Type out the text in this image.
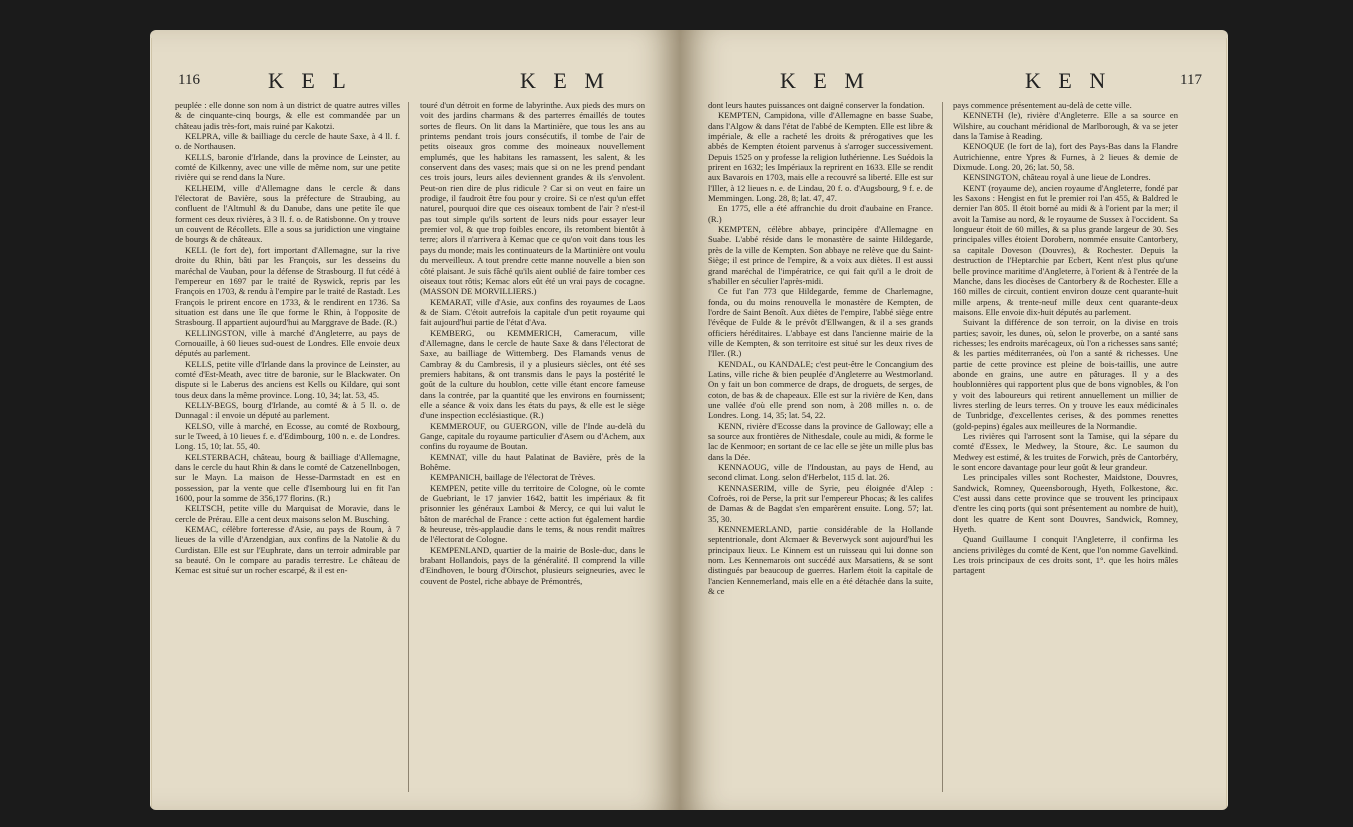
116	K E L	K E M

peuplée : elle donne son nom à un district de quatre autres villes & de cinquante-cinq bourgs, & elle est commandée par un château jadis très-fort, mais ruiné par Kakotzi.

KELPRA, ville & bailliage du cercle de haute Saxe, à 4 ll. f. o. de Northausen.

KELLS, baronie d'Irlande, dans la province de Leinster, au comté de Kilkenny, avec une ville de même nom, sur une petite rivière qui se rend dans la Nure.

KELHEIM, ville d'Allemagne dans le cercle & dans l'électorat de Bavière, sous la préfecture de Straubing, au confluent de l'Altmuhl & du Danube, dans une petite île que forment ces deux rivières, à 3 ll. f. o. de Ratisbonne. On y trouve un couvent de Récollets. Elle a sous sa juridiction une vingtaine de bourgs & de châteaux.

KELL (le fort de), fort important d'Allemagne, sur la rive droite du Rhin, bâti par les François, sur les desseins du maréchal de Vauban, pour la défense de Strasbourg. Il fut cédé à l'empereur en 1697 par le traité de Ryswick, repris par les François en 1703, & rendu à l'empire par le traité de Rastadt. Les François le prirent encore en 1733, & le rendirent en 1736. Sa situation est dans une île que forme le Rhin, à l'opposite de Strasbourg. Il appartient aujourd'hui au Marggrave de Bade. (R.)

KELLINGSTON, ville à marché d'Angleterre, au pays de Cornouaille, à 60 lieues sud-ouest de Londres. Elle envoie deux députés au parlement.

KELLS, petite ville d'Irlande dans la province de Leinster, au comté d'Est-Meath, avec titre de baronie, sur le Blackwater. On dispute si le Laberus des anciens est Kells ou Kildare, qui sont tous deux dans la même province. Long. 10, 34; lat. 53, 45.

KELLY-BEGS, bourg d'Irlande, au comté & à 5 ll. o. de Dunnagal : il envoie un député au parlement.

KELSO, ville à marché, en Ecosse, au comté de Roxbourg, sur le Tweed, à 10 lieues f. e. d'Edimbourg, 100 n. e. de Londres. Long. 15, 10; lat. 55, 40.

KELSTERBACH, château, bourg & bailliage d'Allemagne, dans le cercle du haut Rhin & dans le comté de Catzenellnbogen, sur le Mayn. La maison de Hesse-Darmstadt en est en possession, par la vente que celle d'Isembourg lui en fit l'an 1600, pour la somme de 356,177 florins. (R.)

KELTSCH, petite ville du Marquisat de Moravie, dans le cercle de Prérau. Elle a cent deux maisons selon M. Busching.

KEMAC, célèbre forteresse d'Asie, au pays de Roum, à 7 lieues de la ville d'Arzendgian, aux confins de la Natolie & du Curdistan. Elle est sur l'Euphrate, dans un terroir admirable par sa beauté. On le compare au paradis terrestre. Le château de Kemac est situé sur un rocher escarpé, & il est en-

touré d'un détroit en forme de labyrinthe. Aux pieds des murs on voit des jardins charmans & des parterres émaillés de toutes sortes de fleurs. On lit dans la Martinière, que tous les ans au printems pendant trois jours consécutifs, il tombe de l'air de petits oiseaux gros comme des moineaux nouvellement emplumés, que les habitans les ramassent, les salent, & les conservent dans des vases; mais que si on ne les prend pendant ces trois jours, leurs ailes deviennent grandes & ils s'envolent. Peut-on rien dire de plus ridicule ? Car si on veut en faire un prodige, il faudroit être fou pour y croire. Si ce n'est qu'un effet naturel, pourquoi dire que ces oiseaux tombent de l'air ? n'est-il pas tout simple qu'ils sortent de leurs nids pour essayer leur premier vol, & que trop foibles encore, ils retombent bientôt à terre; alors il n'arrivera à Kemac que ce qu'on voit dans tous les pays du monde; mais les continuateurs de la Martinière ont voulu du merveilleux. A tout prendre cette manne nouvelle a bien son côté plaisant. Je suis fâché qu'ils aient oublié de faire tomber ces oiseaux tout rôtis; Kemac alors eût été un vrai pays de cocagne. (MASSON DE MORVILLIERS.)

KEMARAT, ville d'Asie, aux confins des royaumes de Laos & de Siam. C'étoit autrefois la capitale d'un petit royaume qui fait aujourd'hui partie de l'état d'Ava.

KEMBERG, ou KEMMERICH, Cameracum, ville d'Allemagne, dans le cercle de haute Saxe & dans l'électorat de Saxe, au bailliage de Wittemberg. Des Flamands venus de Cambray & du Cambresis, il y a plusieurs siècles, ont été ses premiers habitans, & ont transmis dans le pays la postérité le goût de la culture du houblon, cette ville étant encore fameuse dans la contrée, par la quantité que les environs en fournissent; elle a séance & voix dans les états du pays, & elle est le siège d'une inspection ecclésiastique. (R.)

KEMMEROUF, ou GUERGON, ville de l'Inde au-delà du Gange, capitale du royaume particulier d'Asem ou d'Achem, aux confins du royaume de Boutan.

KEMNAT, ville du haut Palatinat de Bavière, près de la Bohême.

KEMPANICH, baillage de l'électorat de Trèves.

KEMPEN, petite ville du territoire de Cologne, où le comte de Guebriant, le 17 janvier 1642, battit les impériaux & fit prisonnier les généraux Lamboi & Mercy, ce qui lui valut le bâton de maréchal de France : cette action fut également hardie & heureuse, très-applaudie dans le tems, & nous rendit maîtres de l'électorat de Cologne.

KEMPENLAND, quartier de la mairie de Bosle-duc, dans le brabant Hollandois, pays de la généralité. Il comprend la ville d'Eindhoven, le bourg d'Oirschot, plusieurs seigneuries, avec le couvent de Postel, riche abbaye de Prémontrés,

K E M	K E N	117

dont leurs hautes puissances ont daigné conserver la fondation.

KEMPTEN, Campidona, ville d'Allemagne en basse Suabe, dans l'Algow & dans l'état de l'abbé de Kempten. Elle est libre & impériale, & elle a racheté les droits & prérogatives que les abbés de Kempten étoient parvenus à s'arroger successivement. Depuis 1525 on y professe la religion luthérienne. Les Suédois la prirent en 1632; les Impériaux la reprirent en 1633. Elle se rendit aux Bavarois en 1703, mais elle a recouvré sa liberté. Elle est sur l'Iller, à 12 lieues n. e. de Lindau, 20 f. o. d'Augsbourg, 9 f. e. de Memmingen. Long. 28, 8; lat. 47, 47.

En 1775, elle a été affranchie du droit d'aubaine en France. (R.)

KEMPTEN, célèbre abbaye, principère d'Allemagne en Suabe. L'abbé réside dans le monastère de sainte Hildegarde, près de la ville de Kempten. Son abbaye ne relève que du Saint-Siège; il est prince de l'empire, & a voix aux diètes. Il est aussi grand maréchal de l'impératrice, ce qui fait qu'il a le droit de s'habiller en séculier l'après-midi.

Ce fut l'an 773 que Hildegarde, femme de Charlemagne, fonda, ou du moins renouvella le monastère de Kempten, de l'ordre de Saint Benoît. Aux diètes de l'empire, l'abbé siège entre l'évêque de Fulde & le prévôt d'Ellwangen, & il a ses grands officiers héréditaires. L'abbaye est dans l'ancienne mairie de la ville de Kempten, & son territoire est situé sur les deux rives de l'Iler. (R.)

KENDAL, ou KANDALE; c'est peut-être le Concangium des Latins, ville riche & bien peuplée d'Angleterre au Westmorland. On y fait un bon commerce de draps, de droguets, de serges, de coton, de bas & de chapeaux. Elle est sur la rivière de Ken, dans une vallée d'où elle prend son nom, à 208 milles n. o. de Londres. Long. 14, 35; lat. 54, 22.

KENN, rivière d'Ecosse dans la province de Galloway; elle a sa source aux frontières de Nithesdale, coule au midi, & forme le lac de Kenmoor; en sortant de ce lac elle se jète un mille plus bas dans la Dée.

KENNAOUG, ville de l'Indoustan, au pays de Hend, au second climat. Long. selon d'Herbelot, 115 d. lat. 26.

KENNASERIM, ville de Syrie, peu éloignée d'Alep : Cofroès, roi de Perse, la prit sur l'empereur Phocas; & les califes de Damas & de Bagdat s'en emparèrent ensuite. Long. 57; lat. 35, 30.

KENNEMERLAND, partie considérable de la Hollande septentrionale, dont Alcmaer & Beverwyck sont aujourd'hui les principaux lieux. Le Kinnem est un ruisseau qui lui donne son nom. Les Kennemarois ont succédé aux Marsatiens, & se sont distingués par beaucoup de guerres. Harlem étoit la capitale de l'ancien Kennemerland, mais elle en a été détachée dans la suite, & ce

pays commence présentement au-delà de cette ville.

KENNETH (le), rivière d'Angleterre. Elle a sa source en Wilshire, au couchant méridional de Marlborough, & va se jeter dans la Tamise à Reading.

KENOQUE (le fort de la), fort des Pays-Bas dans la Flandre Autrichienne, entre Ypres & Furnes, à 2 lieues & demie de Dixmude. Long. 20, 26; lat. 50, 58.

KENSINGTON, château royal à une lieue de Londres.

KENT (royaume de), ancien royaume d'Angleterre, fondé par les Saxons : Hengist en fut le premier roi l'an 455, & Baldred le dernier l'an 805. Il étoit borné au midi & à l'orient par la mer; il avoit la Tamise au nord, & le royaume de Sussex à l'occident. Sa longueur étoit de 60 milles, & sa plus grande largeur de 30. Ses principales villes étoient Dorobern, nommée ensuite Cantorbery, sa capitale Doveson (Douvres), & Rochester. Depuis la destruction de l'Heptarchie par Ecbert, Kent n'est plus qu'une belle province maritime d'Angleterre, à l'orient & à l'entrée de la Manche, dans les diocèses de Cantorbery & de Rochester. Elle a 160 milles de circuit, contient environ douze cent quarante-huit mille arpens, & trente-neuf mille deux cent quarante-deux maisons. Elle envoie dix-huit députés au parlement.

Suivant la différence de son terroir, on la divise en trois parties; savoir, les dunes, où, selon le proverbe, on a santé sans richesses; les endroits marécageux, où l'on a richesses sans santé; & les parties méditerranées, où l'on a santé & richesses. Une partie de cette province est pleine de bois-taillis, une autre abonde en grains, une autre en pâturages. Il y a des houblonnières qui rapportent plus que de bons vignobles, & l'on y voit des laboureurs qui retirent annuellement un millier de livres sterling de leurs terres. On y trouve les eaux médicinales de Tunbridge, d'excellentes cerises, & des pommes renettes (gold-pepins) égales aux meilleures de la Normandie.

Les rivières qui l'arrosent sont la Tamise, qui la sépare du comté d'Essex, le Medwey, la Stoure, &c. Le saumon du Medwey est estimé, & les truites de Forwich, près de Cantorbéry, le sont encore davantage pour leur goût & leur grandeur.

Les principales villes sont Rochester, Maidstone, Douvres, Sandwick, Romney, Queensborough, Hyeth, Folkestone, &c. C'est aussi dans cette province que se trouvent les principaux d'entre les cinq ports (qui sont présentement au nombre de huit), dont les quatre de Kent sont Douvres, Sandwick, Romney, Hyeth.

Quand Guillaume I conquit l'Angleterre, il confirma les anciens privilèges du comté de Kent, que l'on nomme Gavelkind. Les trois principaux de ces droits sont, 1°. que les hoirs mâles partagent
